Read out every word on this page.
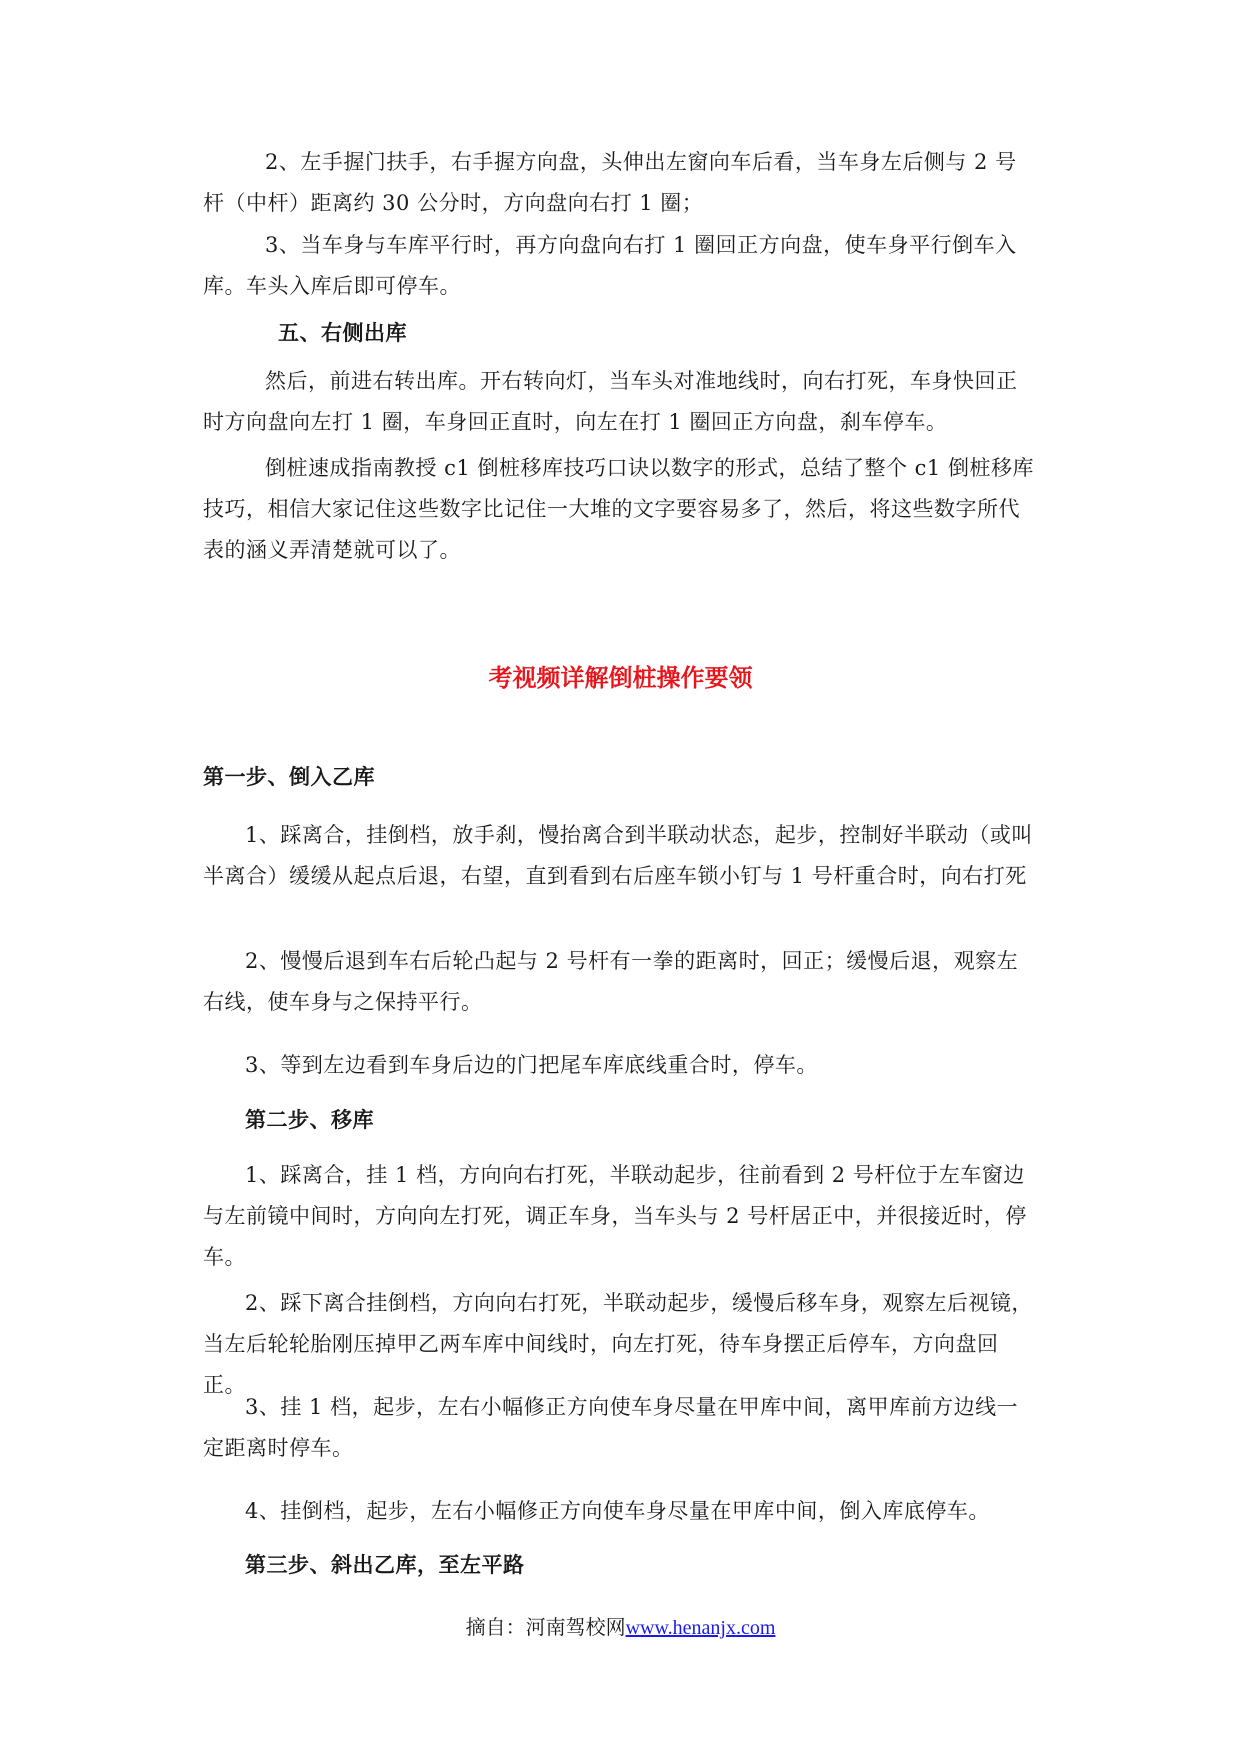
2、左手握门扶手，右手握方向盘，头伸出左窗向车后看，当车身左后侧与 2 号杆（中杆）距离约 30 公分时，方向盘向右打 1 圈；

3、当车身与车库平行时，再方向盘向右打 1 圈回正方向盘，使车身平行倒车入库。车头入库后即可停车。

五、右侧出库

然后，前进右转出库。开右转向灯，当车头对准地线时，向右打死，车身快回正时方向盘向左打 1 圈，车身回正直时，向左在打 1 圈回正方向盘，刹车停车。

倒桩速成指南教授 c1 倒桩移库技巧口诀以数字的形式，总结了整个 c1 倒桩移库技巧，相信大家记住这些数字比记住一大堆的文字要容易多了，然后，将这些数字所代表的涵义弄清楚就可以了。

考视频详解倒桩操作要领

第一步、倒入乙库

1、踩离合，挂倒档，放手刹，慢抬离合到半联动状态，起步，控制好半联动（或叫半离合）缓缓从起点后退，右望，直到看到右后座车锁小钉与 1 号杆重合时，向右打死

2、慢慢后退到车右后轮凸起与 2 号杆有一拳的距离时，回正；缓慢后退，观察左右线，使车身与之保持平行。

3、等到左边看到车身后边的门把尾车库底线重合时，停车。

第二步、移库

1、踩离合，挂 1 档，方向向右打死，半联动起步，往前看到 2 号杆位于左车窗边与左前镜中间时，方向向左打死，调正车身，当车头与 2 号杆居正中，并很接近时，停车。

2、踩下离合挂倒档，方向向右打死，半联动起步，缓慢后移车身，观察左后视镜，当左后轮轮胎刚压掉甲乙两车库中间线时，向左打死，待车身摆正后停车，方向盘回正。

3、挂 1 档，起步，左右小幅修正方向使车身尽量在甲库中间，离甲库前方边线一定距离时停车。

4、挂倒档，起步，左右小幅修正方向使车身尽量在甲库中间，倒入库底停车。

第三步、斜出乙库，至左平路

摘自：河南驾校网www.henanjx.com
